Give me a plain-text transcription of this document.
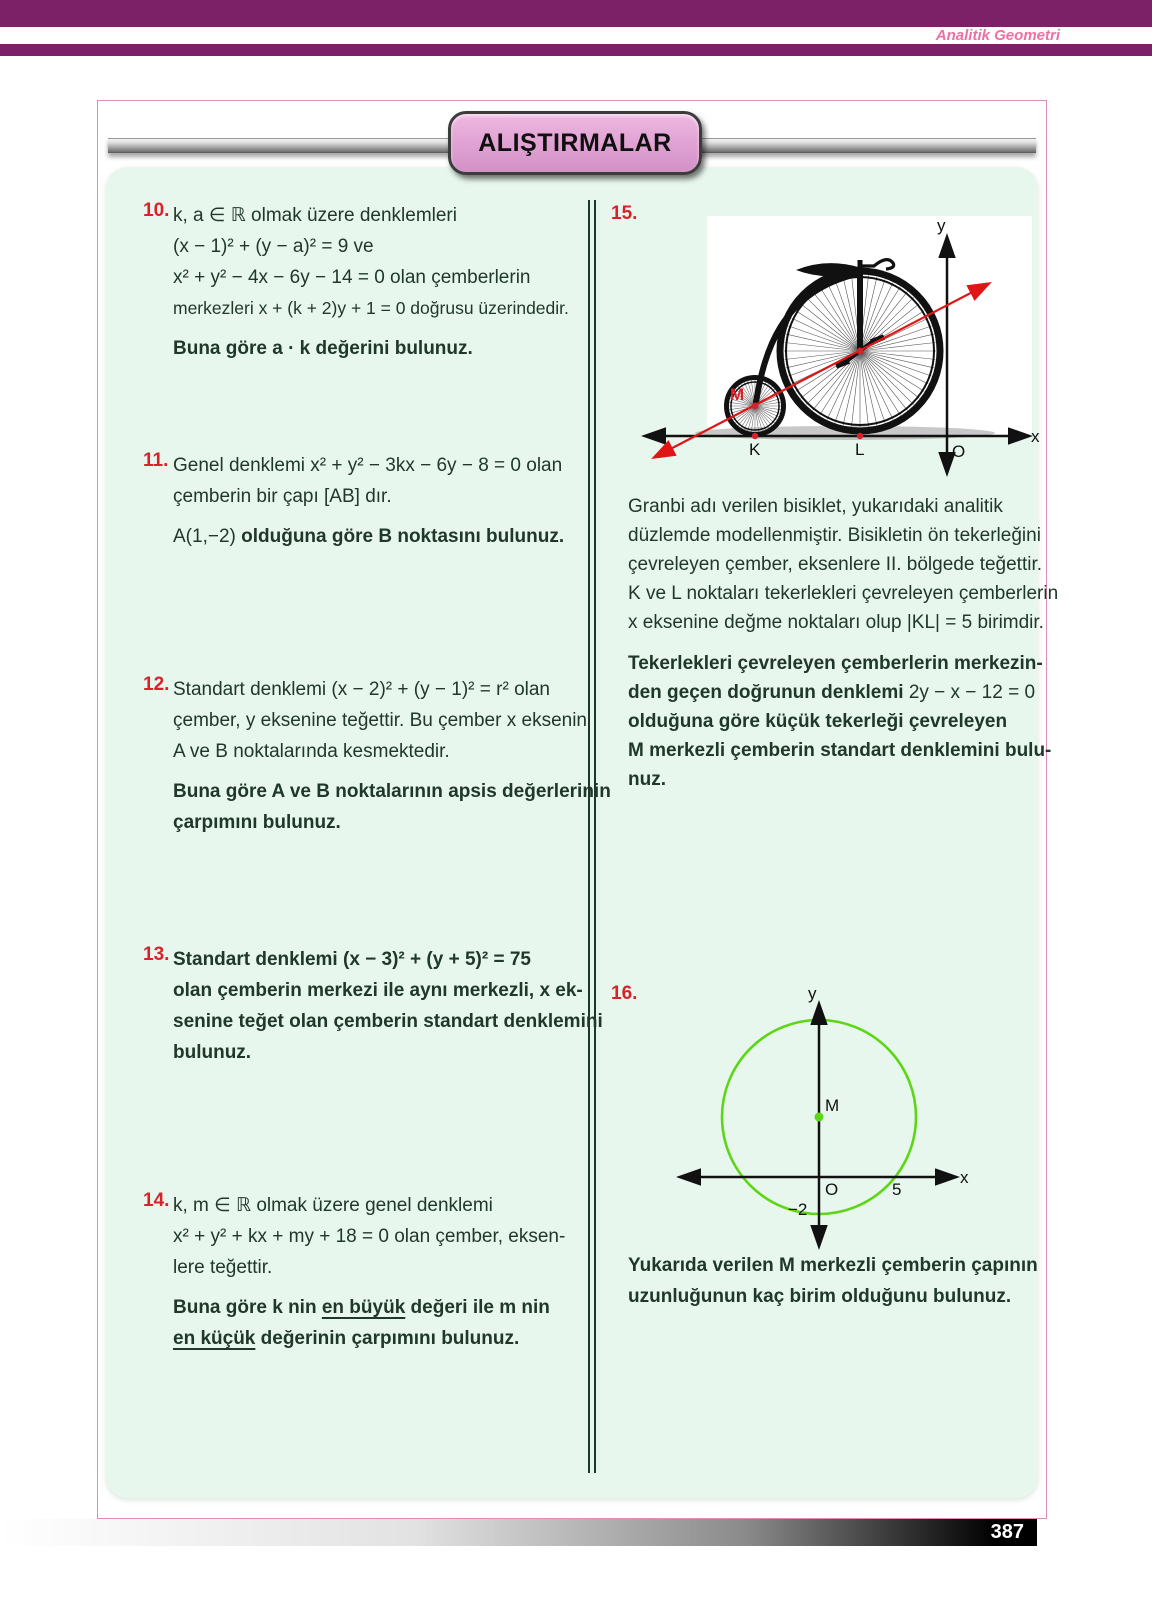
Analitik Geometri
ALIŞTIRMALAR
10. k, a ∈ ℝ olmak üzere denklemleri
(x − 1)² + (y − a)² = 9 ve
x² + y² − 4x − 6y − 14 = 0 olan çemberlerin
merkezleri x + (k + 2)y + 1 = 0 doğrusu üzerindedir.
Buna göre a · k değerini bulunuz.
11. Genel denklemi x² + y² − 3kx − 6y − 8 = 0 olan
çemberin bir çapı [AB] dır.
A(1,−2) olduğuna göre B noktasını bulunuz.
12. Standart denklemi (x − 2)² + (y − 1)² = r² olan
çember, y eksenine teğettir. Bu çember x eksenini
A ve B noktalarında kesmektedir.
Buna göre A ve B noktalarının apsis değerlerinin
çarpımını bulunuz.
13. Standart denklemi (x − 3)² + (y + 5)² = 75
olan çemberin merkezi ile aynı merkezli, x ek-
senine teğet olan çemberin standart denklemini
bulunuz.
14. k, m ∈ ℝ olmak üzere genel denklemi
x² + y² + kx + my + 18 = 0 olan çember, eksen-
lere teğettir.
Buna göre k nin en büyük değeri ile m nin
en küçük değerinin çarpımını bulunuz.
15.
y
x
M
K	L	O
Granbi adı verilen bisiklet, yukarıdaki analitik
düzlemde modellenmiştir. Bisikletin ön tekerleğini
çevreleyen çember, eksenlere II. bölgede teğettir.
K ve L noktaları tekerlekleri çevreleyen çemberlerin
x eksenine değme noktaları olup |KL| = 5 birimdir.
Tekerlekleri çevreleyen çemberlerin merkezin-
den geçen doğrunun denklemi 2y − x − 12 = 0
olduğuna göre küçük tekerleği çevreleyen
M merkezli çemberin standart denklemini bulu-
nuz.
16.	y
x
M
O	5
−2
Yukarıda verilen M merkezli çemberin çapının
uzunluğunun kaç birim olduğunu bulunuz.
387
